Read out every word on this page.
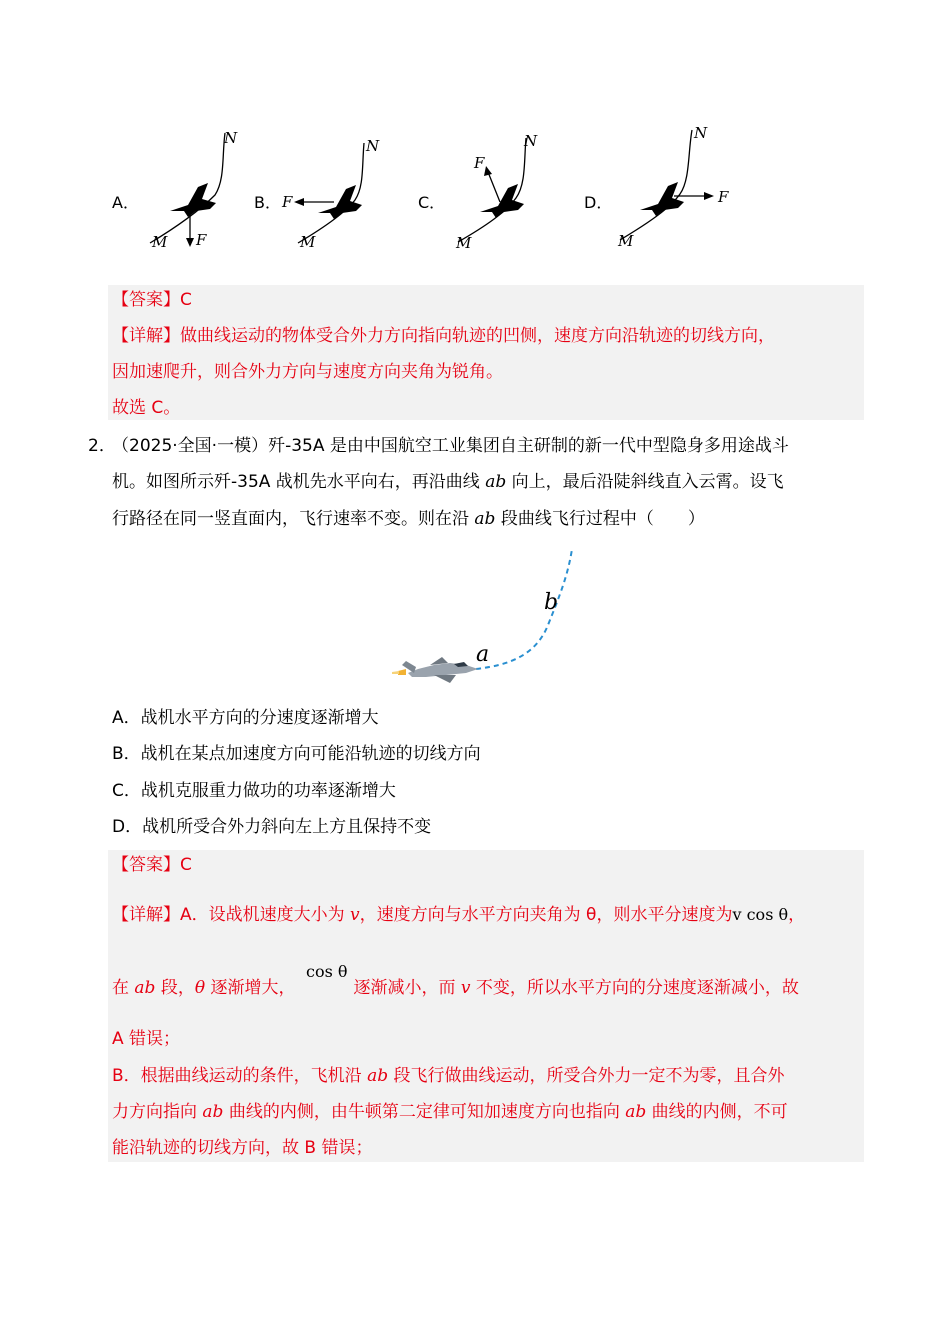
A．
N
M F
B．
N
M
F	C．
N
M
F
D．
N
M
F
【答案】C
【详解】做曲线运动的物体受合外力方向指向轨迹的凹侧，速度方向沿轨迹的切线方向，
因加速爬升，则合外力方向与速度方向夹角为锐角。
故选 C。
2．
（2025·全国·一模）歼-35A 是由中国航空工业集团自主研制的新一代中型隐身多用途战斗
机。如图所示歼-35A 战机先水平向右，再沿曲线 ab 向上，最后沿陡斜线直入云霄。设飞
行路径在同一竖直面内，飞行速率不变。则在沿 ab 段曲线飞行过程中（　　）
a
b
A．战机水平方向的分速度逐渐增大
B．战机在某点加速度方向可能沿轨迹的切线方向
C．战机克服重力做功的功率逐渐增大
D．战机所受合外力斜向左上方且保持不变
【答案】C
【详解】A．设战机速度大小为 v，速度方向与水平方向夹角为 θ，则水平分速度为v cos θ，
cos θ
在 ab 段，θ 逐渐增大，	逐渐减小，而 v 不变，所以水平方向的分速度逐渐减小，故
A 错误；
B．根据曲线运动的条件，飞机沿 ab 段飞行做曲线运动，所受合外力一定不为零，且合外
力方向指向 ab 曲线的内侧，由牛顿第二定律可知加速度方向也指向 ab 曲线的内侧，不可
能沿轨迹的切线方向，故 B 错误；
